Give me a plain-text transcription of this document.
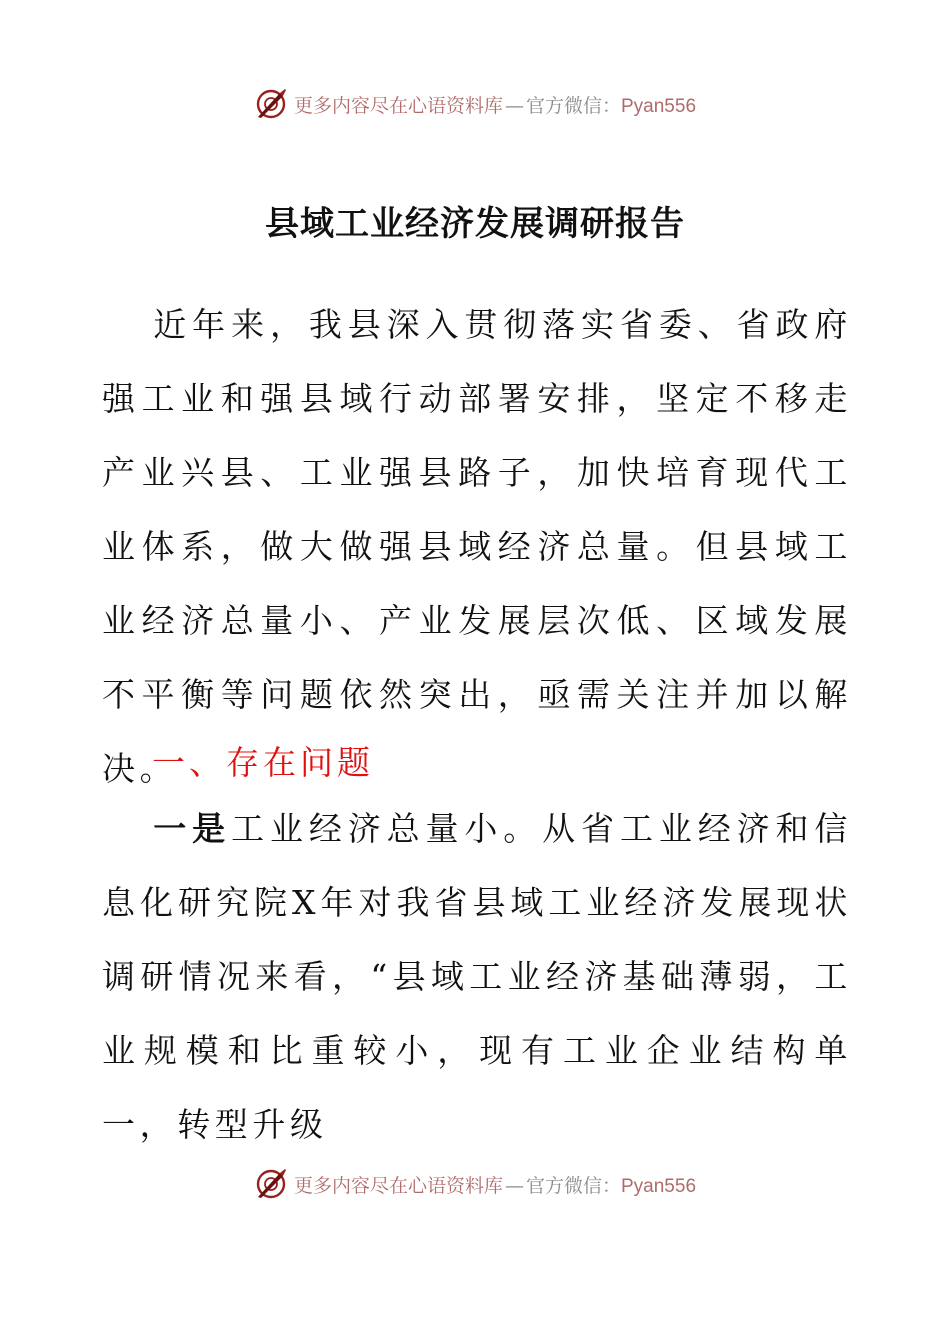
更多内容尽在心语资料库 — 官方微信：Pyan556
县域工业经济发展调研报告
近年来，我县深入贯彻落实省委、省政府强工业和强县域行动部署安排，坚定不移走产业兴县、工业强县路子，加快培育现代工业体系，做大做强县域经济总量。但县域工业经济总量小、产业发展层次低、区域发展不平衡等问题依然突出，亟需关注并加以解决。
一、存在问题
一是工业经济总量小。从省工业经济和信息化研究院X年对我省县域工业经济发展现状调研情况来看，“县域工业经济基础薄弱，工业规模和比重较小，现有工业企业结构单一，转型升级
更多内容尽在心语资料库 — 官方微信：Pyan556
